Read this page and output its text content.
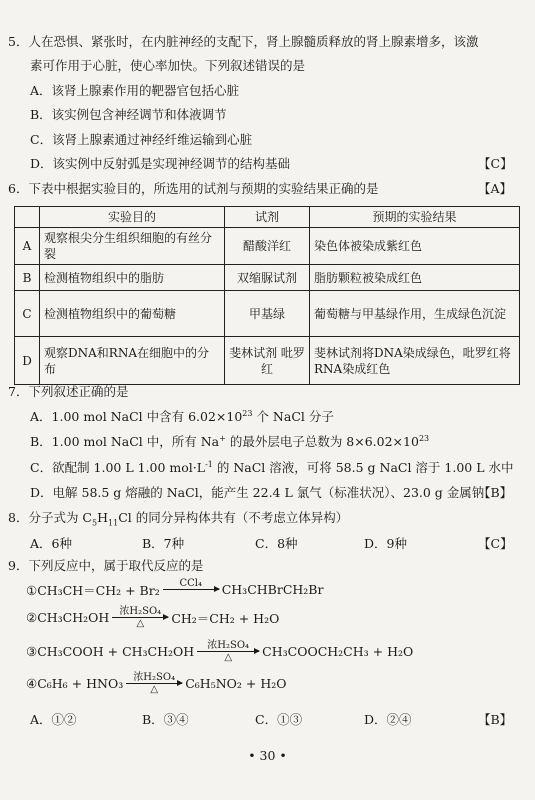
5．人在恐惧、紧张时，在内脏神经的支配下，肾上腺髓质释放的肾上腺素增多，该激
素可作用于心脏，使心率加快。下列叙述错误的是
A．该肾上腺素作用的靶器官包括心脏
B．该实例包含神经调节和体液调节
C．该肾上腺素通过神经纤维运输到心脏
D．该实例中反射弧是实现神经调节的结构基础	【C】
6．下表中根据实验目的，所选用的试剂与预期的实验结果正确的是	【A】
	实验目的	试剂	预期的实验结果
A	观察根尖分生组织细胞的有丝分裂	醋酸洋红	染色体被染成紫红色
B	检测植物组织中的脂肪	双缩脲试剂	脂肪颗粒被染成红色
C	检测植物组织中的葡萄糖	甲基绿	葡萄糖与甲基绿作用，生成绿色沉淀
D	观察DNA和RNA在细胞中的分布	斐林试剂 吡罗红	斐林试剂将DNA染成绿色，吡罗红将RNA染成红色
7．下列叙述正确的是
A．1.00 mol NaCl 中含有 $6.02\times 10^{23}$ 个 NaCl 分子
B．1.00 mol NaCl 中，所有 Na+ 的最外层电子总数为 $8\times 6.02\times 10^{23}$
C．欲配制 1.00 L 1.00 $mol\cdot L^{-1}$ 的 NaCl 溶液，可将 58.5 g NaCl 溶于 1.00 L 水中
D．电解 58.5 g 熔融的 NaCl，能产生 22.4 L 氯气（标准状况）、23.0 g 金属钠
【B】
8．分子式为 $C_5H_{11}Cl$ 的同分异构体共有（不考虑立体异构）
A．6种	B．7种	C．8种	D．9种	【C】
9．下列反应中，属于取代反应的是
①CH₃CH＝CH₂ + Br₂	CCl₄
	CH₃CHBrCH₂Br
②CH₃CH₂OH	浓H₂SO₄
△	CH₂＝CH₂ + H₂O
③CH₃COOH + CH₃CH₂OH	浓H₂SO₄
△	CH₃COOCH₂CH₃ + H₂O
④C₆H₆ + HNO₃	浓H₂SO₄
△	C₆H₅NO₂ + H₂O
A．①②	B．③④	C．①③	D．②④	【B】
• 30 •
